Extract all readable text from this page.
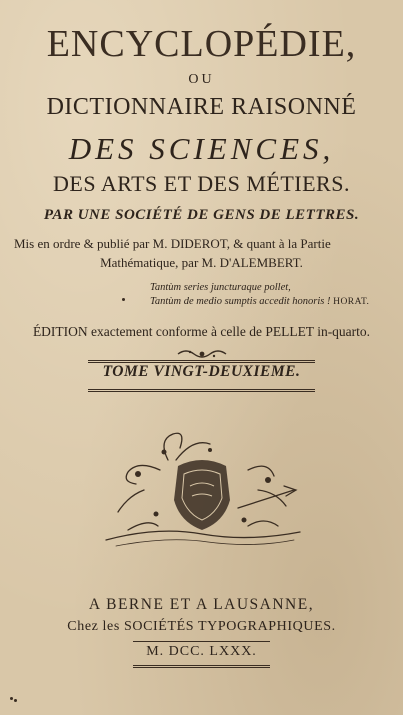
ENCYCLOPÉDIE,
OU
DICTIONNAIRE RAISONNÉ
DES SCIENCES,
DES ARTS ET DES MÉTIERS.
PAR UNE SOCIÉTÉ DE GENS DE LETTRES.
Mis en ordre & publié par M. DIDEROT, & quant à la Partie
Mathématique, par M. D'ALEMBERT.
Tantùm series juncturaque pollet,
Tantùm de medio sumptis accedit honoris ! HORAT.
ÉDITION exactement conforme à celle de PELLET in-quarto.
TOME VINGT-DEUXIEME.
A BERNE ET A LAUSANNE,
Chez les SOCIÉTÉS TYPOGRAPHIQUES.
M. DCC. LXXX.
